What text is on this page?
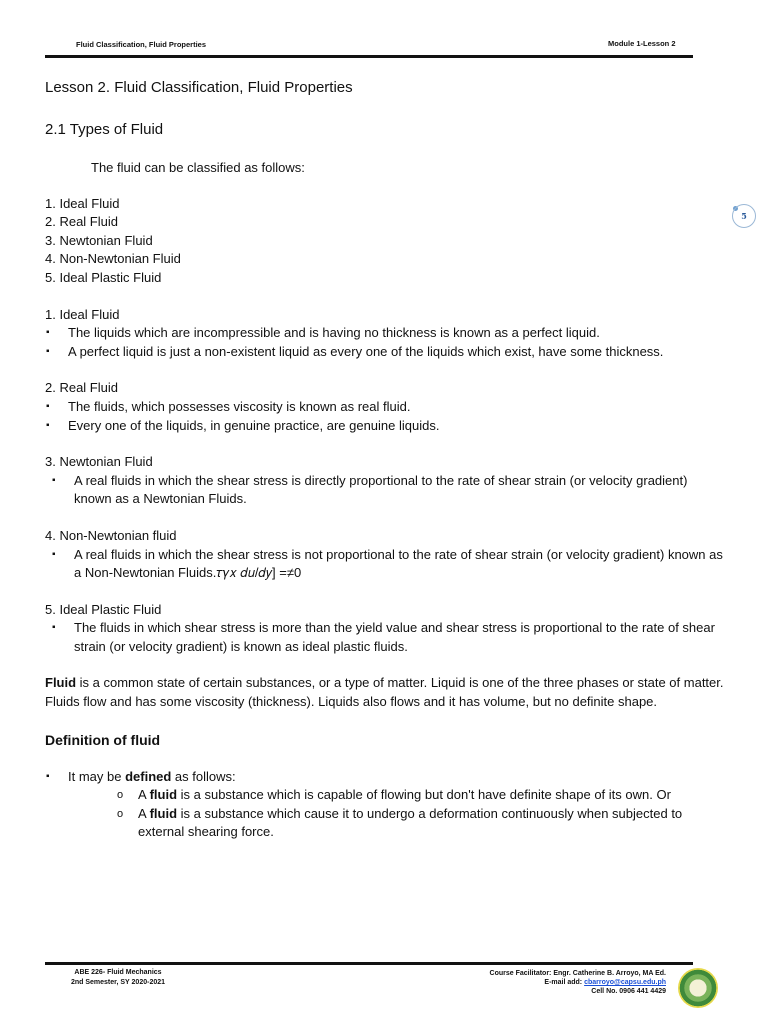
Fluid Classification, Fluid Properties	Module 1-Lesson 2
5
Lesson 2. Fluid Classification, Fluid Properties
2.1 Types of Fluid
The fluid can be classified as follows:
1. Ideal Fluid
2. Real Fluid
3. Newtonian Fluid
4. Non-Newtonian Fluid
5. Ideal Plastic Fluid
1. Ideal Fluid
▪ The liquids which are incompressible and is having no thickness is known as a perfect liquid.
▪ A perfect liquid is just a non-existent liquid as every one of the liquids which exist, have some thickness.
2. Real Fluid
▪ The fluids, which possesses viscosity is known as real fluid.
▪ Every one of the liquids, in genuine practice, are genuine liquids.
3. Newtonian Fluid
▪ A real fluids in which the shear stress is directly proportional to the rate of shear strain (or velocity gradient) known as a Newtonian Fluids.
4. Non-Newtonian fluid
▪ A real fluids in which the shear stress is not proportional to the rate of shear strain (or velocity gradient) known as a Non-Newtonian Fluids.𝜏𝛾𝑥 𝑑𝑢/𝑑𝑦] =≠0
5. Ideal Plastic Fluid
▪ The fluids in which shear stress is more than the yield value and shear stress is proportional to the rate of shear strain (or velocity gradient) is known as ideal plastic fluids.

Fluid is a common state of certain substances, or a type of matter. Liquid is one of the three phases or state of matter. Fluids flow and has some viscosity (thickness). Liquids also flows and it has volume, but no definite shape.

Definition of fluid
▪ It may be defined as follows:
o A fluid is a substance which is capable of flowing but don't have definite shape of its own. Or
o A fluid is a substance which cause it to undergo a deformation continuously when subjected to external shearing force.
ABE 226- Fluid Mechanics
2nd Semester, SY 2020-2021
Course Facilitator: Engr. Catherine B. Arroyo, MA Ed.
E-mail add: cbarroyo@capsu.edu.ph
Cell No. 0906 441 4429
